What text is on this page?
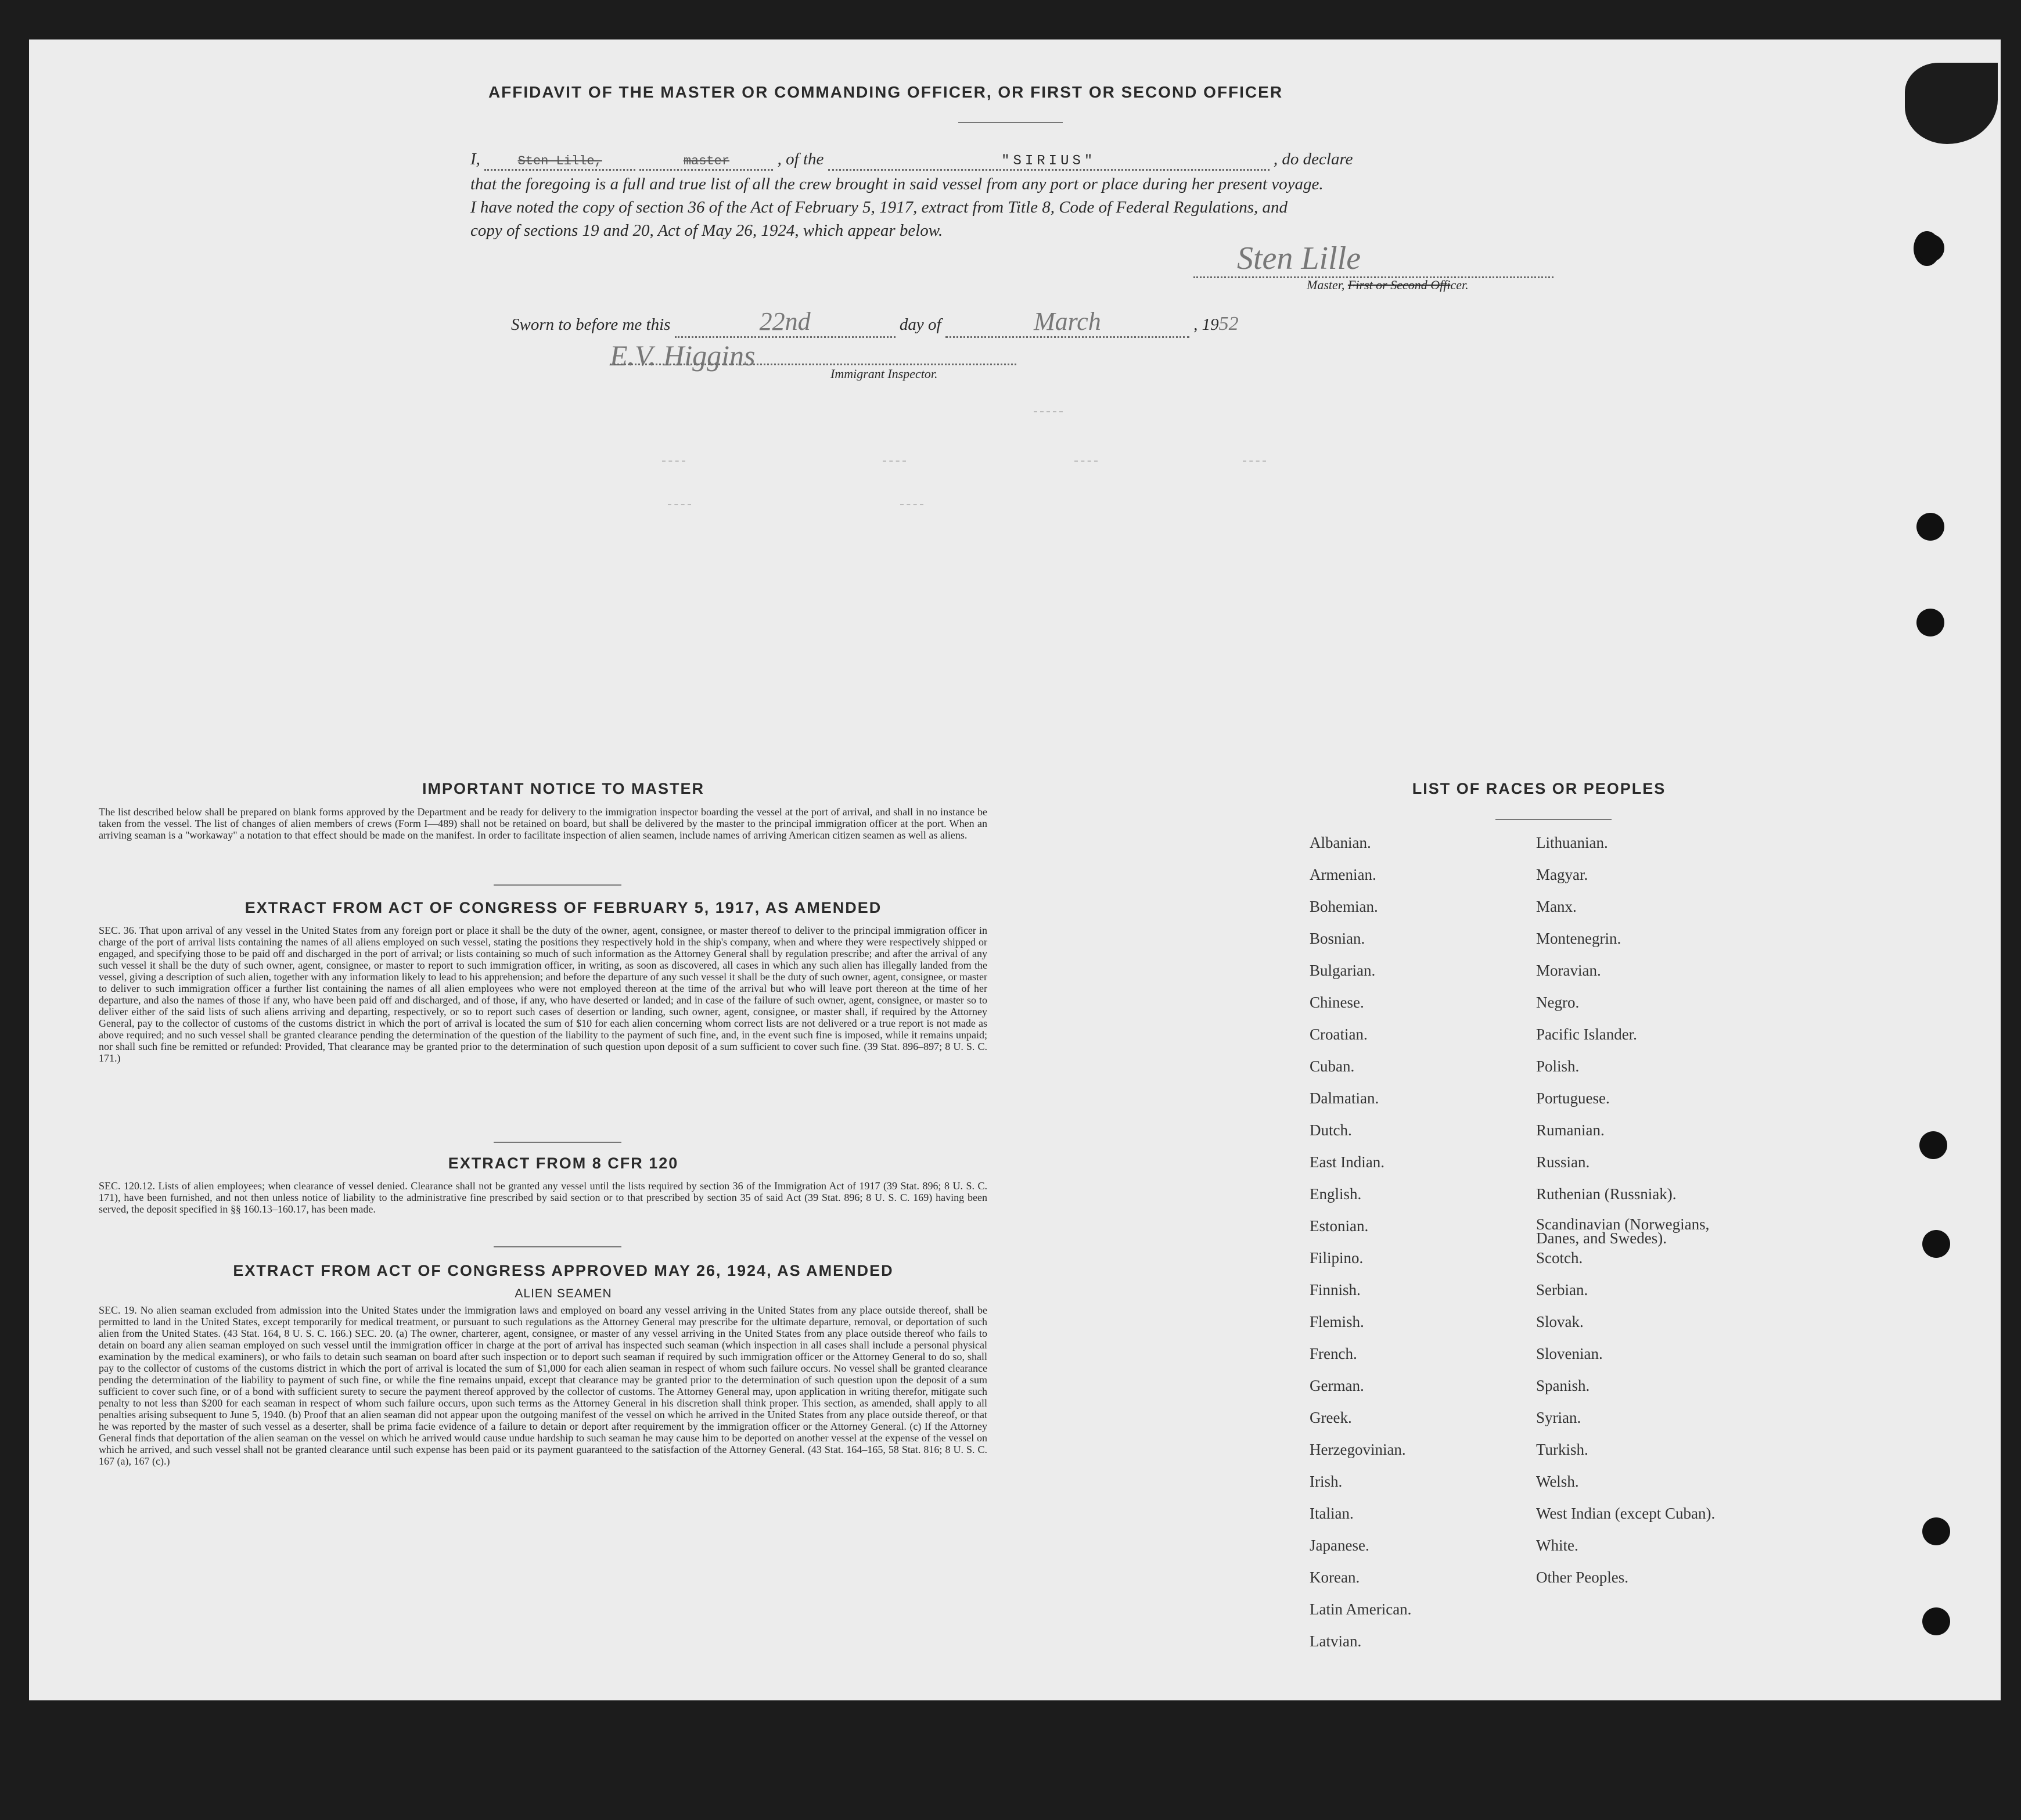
AFFIDAVIT OF THE MASTER OR COMMANDING OFFICER, OR FIRST OR SECOND OFFICER
I,	Sten Lille,	master	, of the	"SIRIUS"	, do declare
that the foregoing is a full and true list of all the crew brought in said vessel from any port or place during her present voyage.
I have noted the copy of section 36 of the Act of February 5, 1917, extract from Title 8, Code of Federal Regulations, and
copy of sections 19 and 20, Act of May 26, 1924, which appear below.
Sten Lille
Master, First or Second Officer.
Sworn to before me this	22nd	day of	March	, 1952
E.V. Higgins
Immigrant Inspector.
IMPORTANT NOTICE TO MASTER
The list described below shall be prepared on blank forms approved by the Department and be ready for delivery to the immigration inspector boarding the vessel at the port of arrival, and shall in no instance be taken from the vessel. The list of changes of alien members of crews (Form I—489) shall not be retained on board, but shall be delivered by the master to the principal immigration officer at the port. When an arriving seaman is a "workaway" a notation to that effect should be made on the manifest. In order to facilitate inspection of alien seamen, include names of arriving American citizen seamen as well as aliens.
EXTRACT FROM ACT OF CONGRESS OF FEBRUARY 5, 1917, AS AMENDED
SEC. 36. That upon arrival of any vessel in the United States from any foreign port or place it shall be the duty of the owner, agent, consignee, or master thereof to deliver to the principal immigration officer in charge of the port of arrival lists containing the names of all aliens employed on such vessel, stating the positions they respectively hold in the ship's company, when and where they were respectively shipped or engaged, and specifying those to be paid off and discharged in the port of arrival; or lists containing so much of such information as the Attorney General shall by regulation prescribe; and after the arrival of any such vessel it shall be the duty of such owner, agent, consignee, or master to report to such immigration officer, in writing, as soon as discovered, all cases in which any such alien has illegally landed from the vessel, giving a description of such alien, together with any information likely to lead to his apprehension; and before the departure of any such vessel it shall be the duty of such owner, agent, consignee, or master to deliver to such immigration officer a further list containing the names of all alien employees who were not employed thereon at the time of the arrival but who will leave port thereon at the time of her departure, and also the names of those if any, who have been paid off and discharged, and of those, if any, who have deserted or landed; and in case of the failure of such owner, agent, consignee, or master so to deliver either of the said lists of such aliens arriving and departing, respectively, or so to report such cases of desertion or landing, such owner, agent, consignee, or master shall, if required by the Attorney General, pay to the collector of customs of the customs district in which the port of arrival is located the sum of $10 for each alien concerning whom correct lists are not delivered or a true report is not made as above required; and no such vessel shall be granted clearance pending the determination of the question of the liability to the payment of such fine, and, in the event such fine is imposed, while it remains unpaid; nor shall such fine be remitted or refunded: Provided, That clearance may be granted prior to the determination of such question upon deposit of a sum sufficient to cover such fine. (39 Stat. 896–897; 8 U. S. C. 171.)
EXTRACT FROM 8 CFR 120
SEC. 120.12. Lists of alien employees; when clearance of vessel denied. Clearance shall not be granted any vessel until the lists required by section 36 of the Immigration Act of 1917 (39 Stat. 896; 8 U. S. C. 171), have been furnished, and not then unless notice of liability to the administrative fine prescribed by said section or to that prescribed by section 35 of said Act (39 Stat. 896; 8 U. S. C. 169) having been served, the deposit specified in §§ 160.13–160.17, has been made.
EXTRACT FROM ACT OF CONGRESS APPROVED MAY 26, 1924, AS AMENDED
ALIEN SEAMEN
SEC. 19. No alien seaman excluded from admission into the United States under the immigration laws and employed on board any vessel arriving in the United States from any place outside thereof, shall be permitted to land in the United States, except temporarily for medical treatment, or pursuant to such regulations as the Attorney General may prescribe for the ultimate departure, removal, or deportation of such alien from the United States. (43 Stat. 164, 8 U. S. C. 166.) SEC. 20. (a) The owner, charterer, agent, consignee, or master of any vessel arriving in the United States from any place outside thereof who fails to detain on board any alien seaman employed on such vessel until the immigration officer in charge at the port of arrival has inspected such seaman (which inspection in all cases shall include a personal physical examination by the medical examiners), or who fails to detain such seaman on board after such inspection or to deport such seaman if required by such immigration officer or the Attorney General to do so, shall pay to the collector of customs of the customs district in which the port of arrival is located the sum of $1,000 for each alien seaman in respect of whom such failure occurs. No vessel shall be granted clearance pending the determination of the liability to payment of such fine, or while the fine remains unpaid, except that clearance may be granted prior to the determination of such question upon the deposit of a sum sufficient to cover such fine, or of a bond with sufficient surety to secure the payment thereof approved by the collector of customs. The Attorney General may, upon application in writing therefor, mitigate such penalty to not less than $200 for each seaman in respect of whom such failure occurs, upon such terms as the Attorney General in his discretion shall think proper. This section, as amended, shall apply to all penalties arising subsequent to June 5, 1940. (b) Proof that an alien seaman did not appear upon the outgoing manifest of the vessel on which he arrived in the United States from any place outside thereof, or that he was reported by the master of such vessel as a deserter, shall be prima facie evidence of a failure to detain or deport after requirement by the immigration officer or the Attorney General. (c) If the Attorney General finds that deportation of the alien seaman on the vessel on which he arrived would cause undue hardship to such seaman he may cause him to be deported on another vessel at the expense of the vessel on which he arrived, and such vessel shall not be granted clearance until such expense has been paid or its payment guaranteed to the satisfaction of the Attorney General. (43 Stat. 164–165, 58 Stat. 816; 8 U. S. C. 167 (a), 167 (c).)
LIST OF RACES OR PEOPLES
Albanian.
Armenian.
Bohemian.
Bosnian.
Bulgarian.
Chinese.
Croatian.
Cuban.
Dalmatian.
Dutch.
East Indian.
English.
Estonian.
Filipino.
Finnish.
Flemish.
French.
German.
Greek.
Herzegovinian.
Irish.
Italian.
Japanese.
Korean.
Latin American.
Latvian.
Lithuanian.
Magyar.
Manx.
Montenegrin.
Moravian.
Negro.
Pacific Islander.
Polish.
Portuguese.
Rumanian.
Russian.
Ruthenian (Russniak).
Scandinavian (Norwegians, Danes, and Swedes).
Scotch.
Serbian.
Slovak.
Slovenian.
Spanish.
Syrian.
Turkish.
Welsh.
West Indian (except Cuban).
White.
Other Peoples.
